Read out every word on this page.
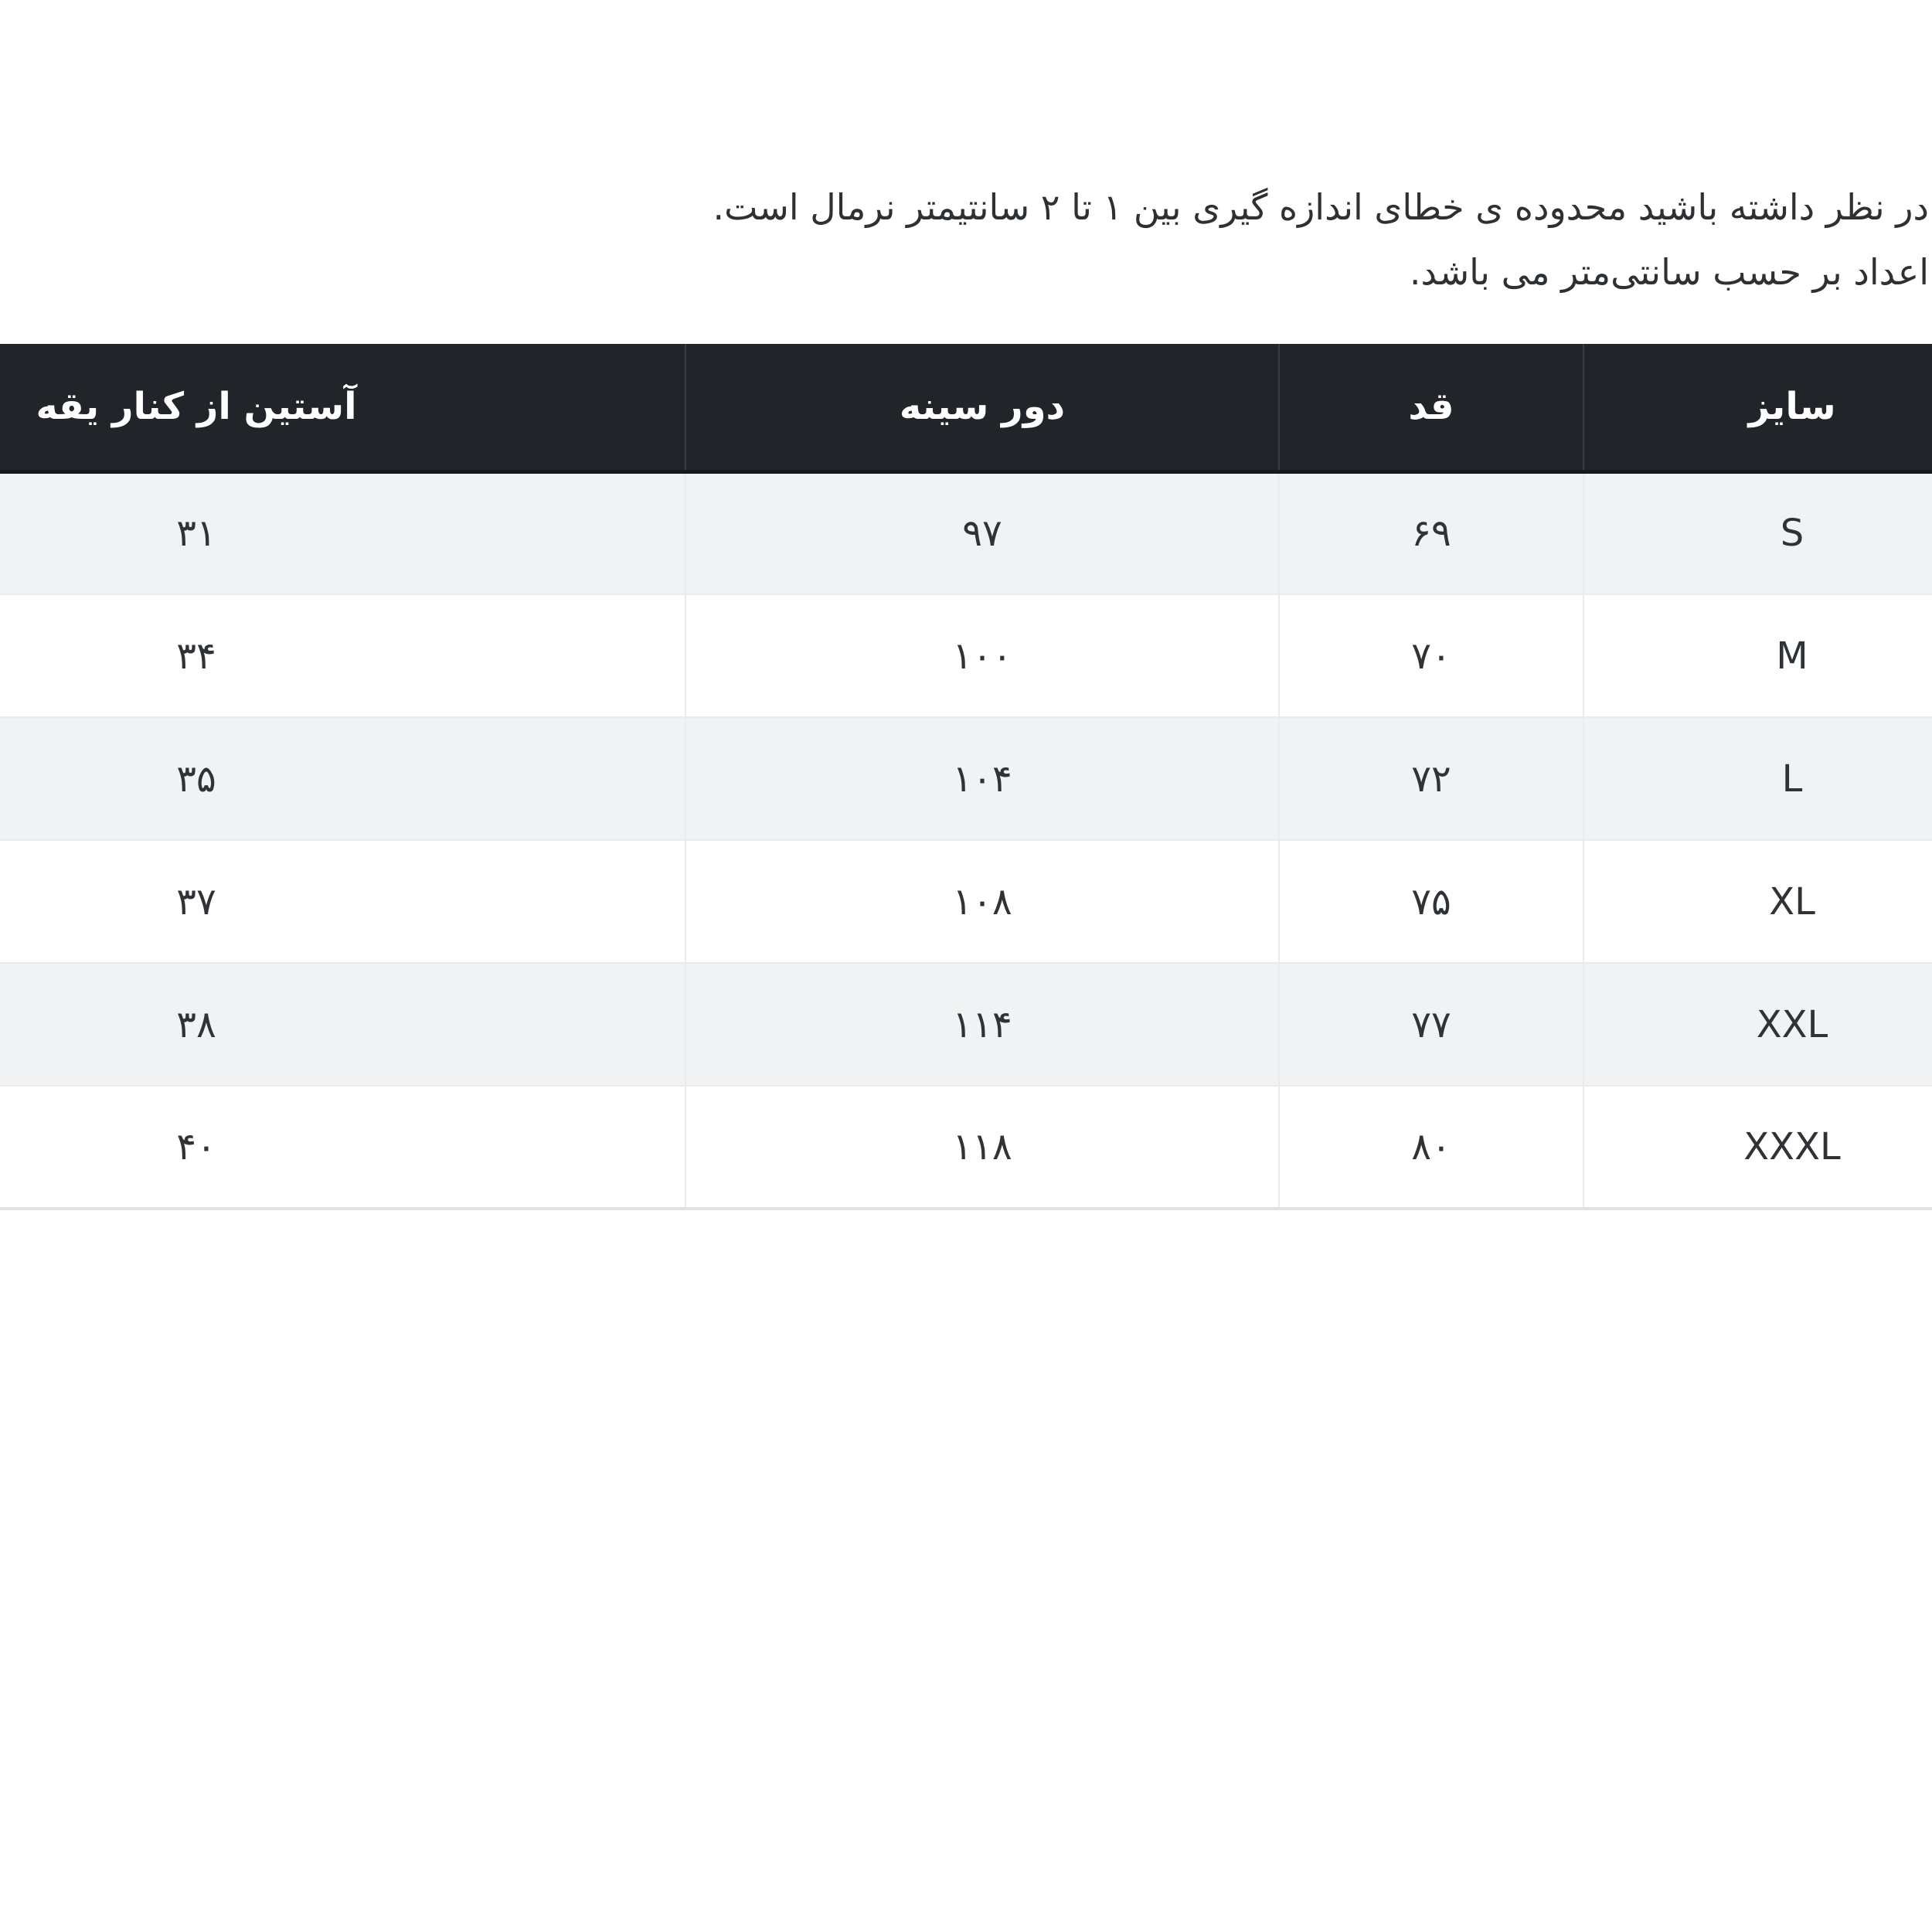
در نظر داشته باشید محدوده ی خطای اندازه گیری بین ۱ تا ۲ سانتیمتر نرمال است.
اعداد بر حسب سانتی‌متر می باشد.
سایز	قد	دور سینه	آستین از کنار یقه
S	۶۹	۹۷	۳۱
M	۷۰	۱۰۰	۳۴
L	۷۲	۱۰۴	۳۵
XL	۷۵	۱۰۸	۳۷
XXL	۷۷	۱۱۴	۳۸
XXXL	۸۰	۱۱۸	۴۰
